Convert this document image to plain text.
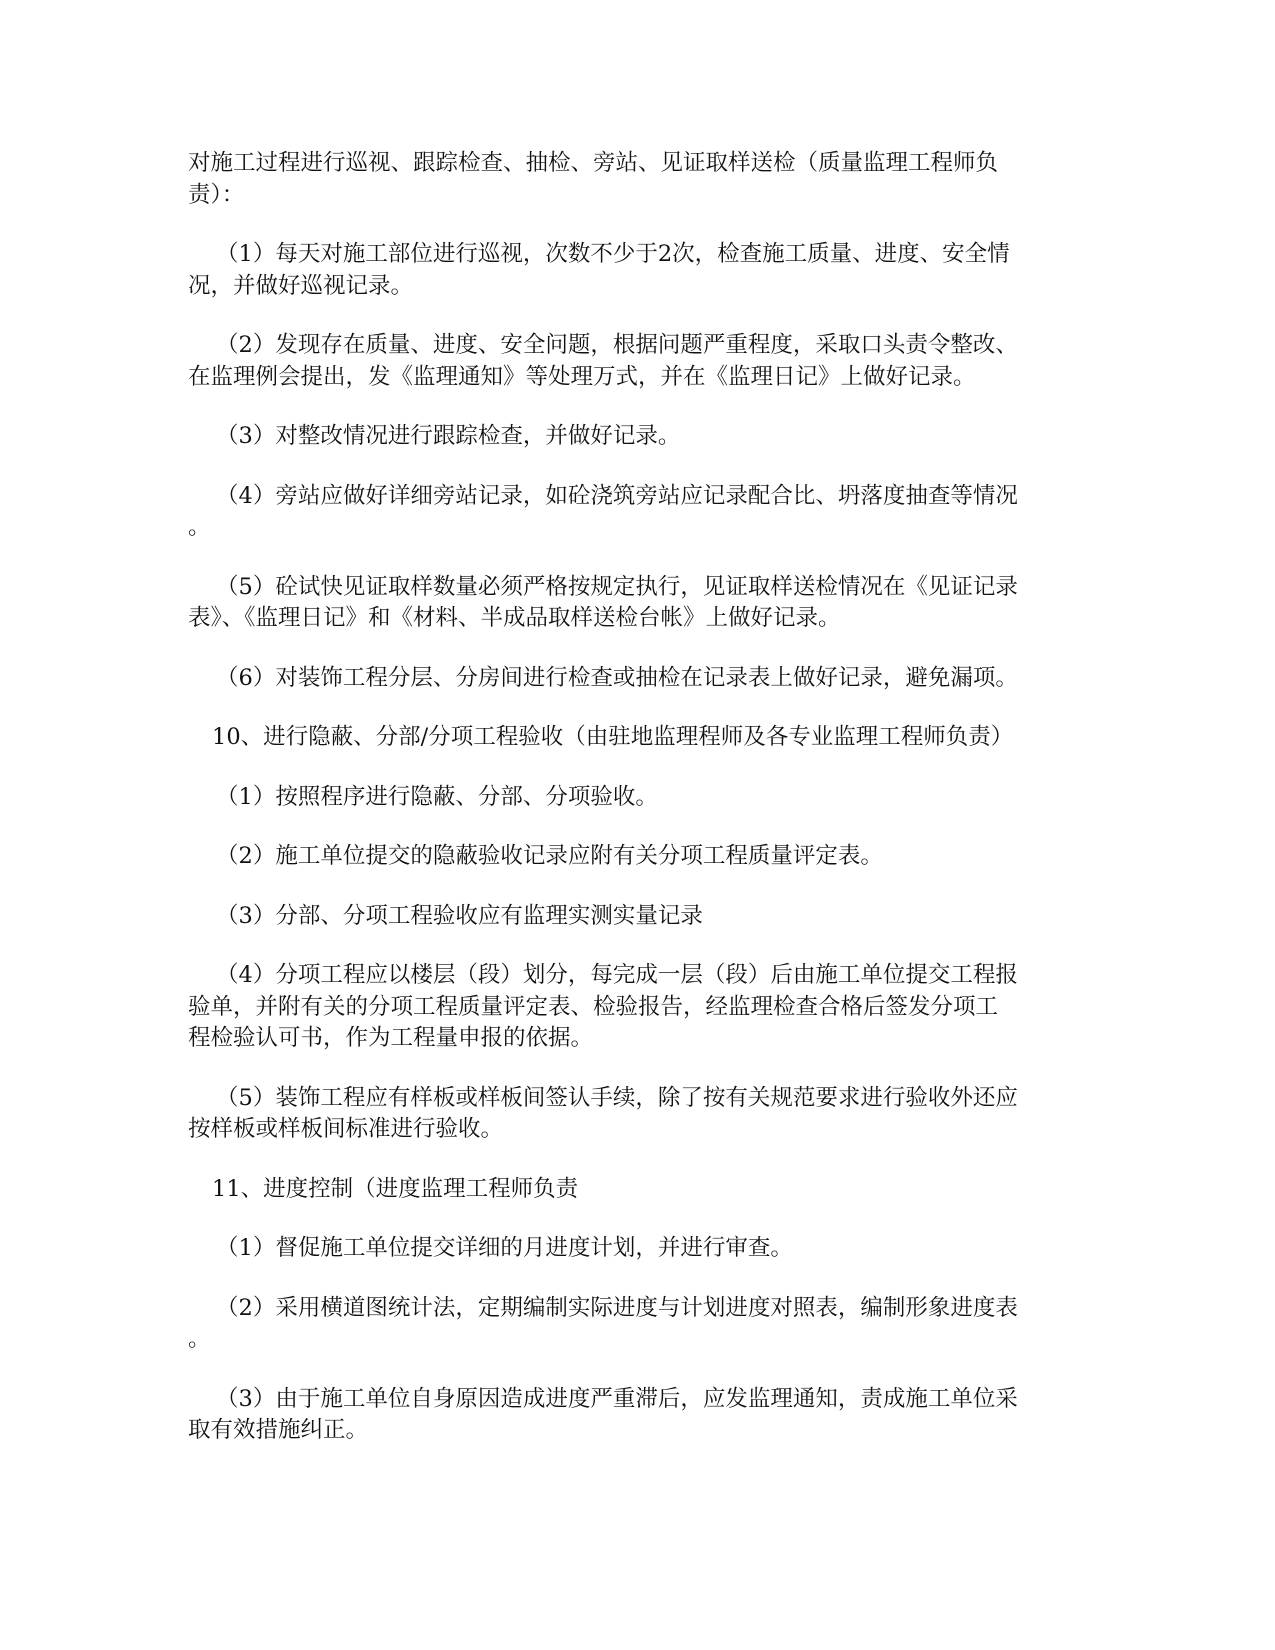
对施工过程进行巡视、跟踪检查、抽检、旁站、见证取样送检（质量监理工程师负
责）：

（1）每天对施工部位进行巡视，次数不少于2次，检查施工质量、进度、安全情
况，并做好巡视记录。

（2）发现存在质量、进度、安全问题，根据问题严重程度，采取口头责令整改、
在监理例会提出，发《监理通知》等处理万式，并在《监理日记》上做好记录。

（3）对整改情况进行跟踪检查，并做好记录。

（4）旁站应做好详细旁站记录，如砼浇筑旁站应记录配合比、坍落度抽查等情况
。

（5）砼试快见证取样数量必须严格按规定执行，见证取样送检情况在《见证记录
表》、《监理日记》和《材料、半成品取样送检台帐》上做好记录。

（6）对装饰工程分层、分房间进行检查或抽检在记录表上做好记录，避免漏项。

10、进行隐蔽、分部/分项工程验收（由驻地监理程师及各专业监理工程师负责）

（1）按照程序进行隐蔽、分部、分项验收。

（2）施工单位提交的隐蔽验收记录应附有关分项工程质量评定表。

（3）分部、分项工程验收应有监理实测实量记录

（4）分项工程应以楼层（段）划分，每完成一层（段）后由施工单位提交工程报
验单，并附有关的分项工程质量评定表、检验报告，经监理检查合格后签发分项工
程检验认可书，作为工程量申报的依据。

（5）装饰工程应有样板或样板间签认手续，除了按有关规范要求进行验收外还应
按样板或样板间标准进行验收。

11、进度控制（进度监理工程师负责

（1）督促施工单位提交详细的月进度计划，并进行审查。

（2）采用横道图统计法，定期编制实际进度与计划进度对照表，编制形象进度表
。

（3）由于施工单位自身原因造成进度严重滞后，应发监理通知，责成施工单位采
取有效措施纠正。
